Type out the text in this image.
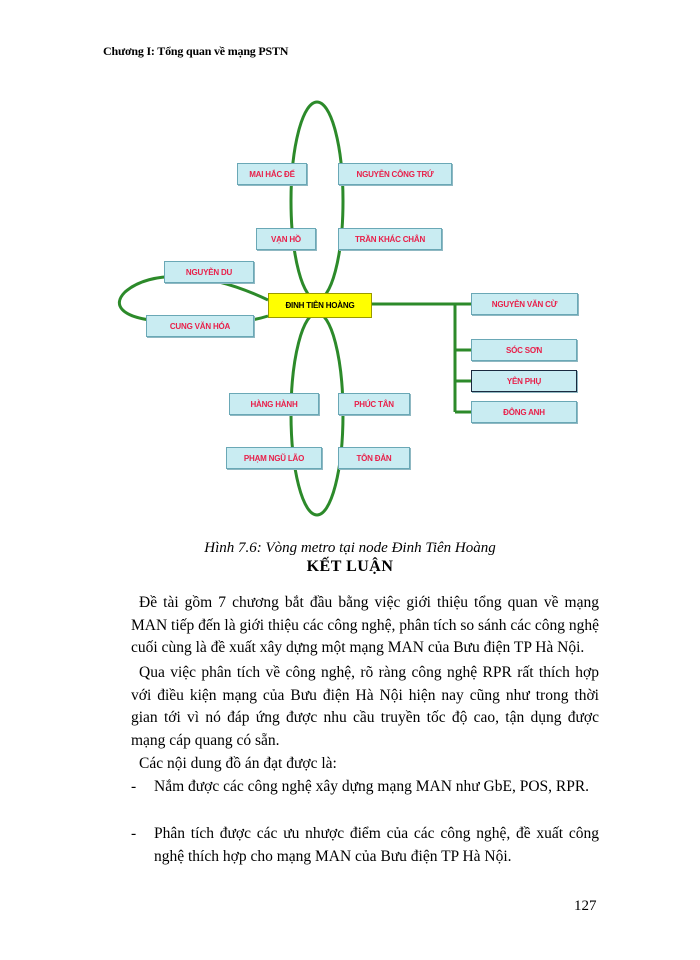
Chương I: Tổng quan về mạng PSTN
MAI HẮC ĐẾ	NGUYỄN CÔNG TRỨ
VẠN HỒ	TRẦN KHÁC CHÂN
NGUYỄN DU
CUNG VĂN HÓA
ĐINH TIÊN HOÀNG	NGUYỄN VĂN CỪ
SÓC SƠN
YÊN PHỤ
ĐÔNG ANH
HÀNG HÀNH	PHÚC TÂN
PHẠM NGŨ LÃO	TÔN ĐẢN
Hình 7.6: Vòng metro tại node Đinh Tiên Hoàng
KẾT LUẬN

Đề tài gồm 7 chương bắt đầu bằng việc giới thiệu tổng quan về mạng MAN tiếp đến là giới thiệu các công nghệ, phân tích so sánh các công nghệ cuối cùng là đề xuất xây dựng một mạng MAN của Bưu điện TP Hà Nội.

Qua việc phân tích về công nghệ, rõ ràng công nghệ RPR rất thích hợp với điều kiện mạng của Bưu điện Hà Nội hiện nay cũng như trong thời gian tới vì nó đáp ứng được nhu cầu truyền tốc độ cao, tận dụng được mạng cáp quang có sẵn.

Các nội dung đồ án đạt được là:

- Nắm được các công nghệ xây dựng mạng MAN như GbE, POS, RPR.
- Phân tích được các ưu nhược điểm của các công nghệ, đề xuất công nghệ thích hợp cho mạng MAN của Bưu điện TP Hà Nội.
127
